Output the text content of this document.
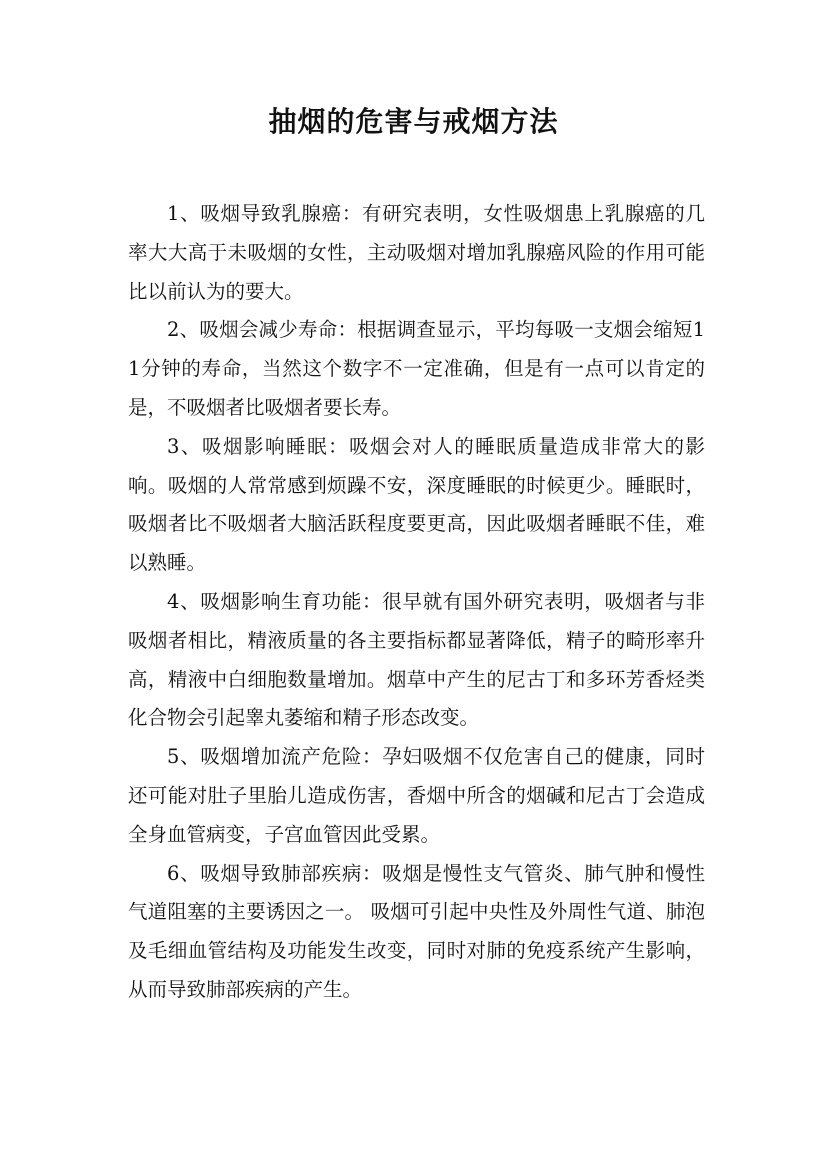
抽烟的危害与戒烟方法

1、吸烟导致乳腺癌：有研究表明，女性吸烟患上乳腺癌的几率大大高于未吸烟的女性，主动吸烟对增加乳腺癌风险的作用可能比以前认为的要大。

2、吸烟会减少寿命：根据调查显示，平均每吸一支烟会缩短11分钟的寿命，当然这个数字不一定准确，但是有一点可以肯定的是，不吸烟者比吸烟者要长寿。

3、吸烟影响睡眠：吸烟会对人的睡眠质量造成非常大的影响。吸烟的人常常感到烦躁不安，深度睡眠的时候更少。睡眠时，吸烟者比不吸烟者大脑活跃程度要更高，因此吸烟者睡眠不佳，难以熟睡。

4、吸烟影响生育功能：很早就有国外研究表明，吸烟者与非吸烟者相比，精液质量的各主要指标都显著降低，精子的畸形率升高，精液中白细胞数量增加。烟草中产生的尼古丁和多环芳香烃类化合物会引起睾丸萎缩和精子形态改变。

5、吸烟增加流产危险：孕妇吸烟不仅危害自己的健康，同时还可能对肚子里胎儿造成伤害，香烟中所含的烟碱和尼古丁会造成全身血管病变，子宫血管因此受累。

6、吸烟导致肺部疾病：吸烟是慢性支气管炎、肺气肿和慢性气道阻塞的主要诱因之一。 吸烟可引起中央性及外周性气道、肺泡及毛细血管结构及功能发生改变，同时对肺的免疫系统产生影响，从而导致肺部疾病的产生。
